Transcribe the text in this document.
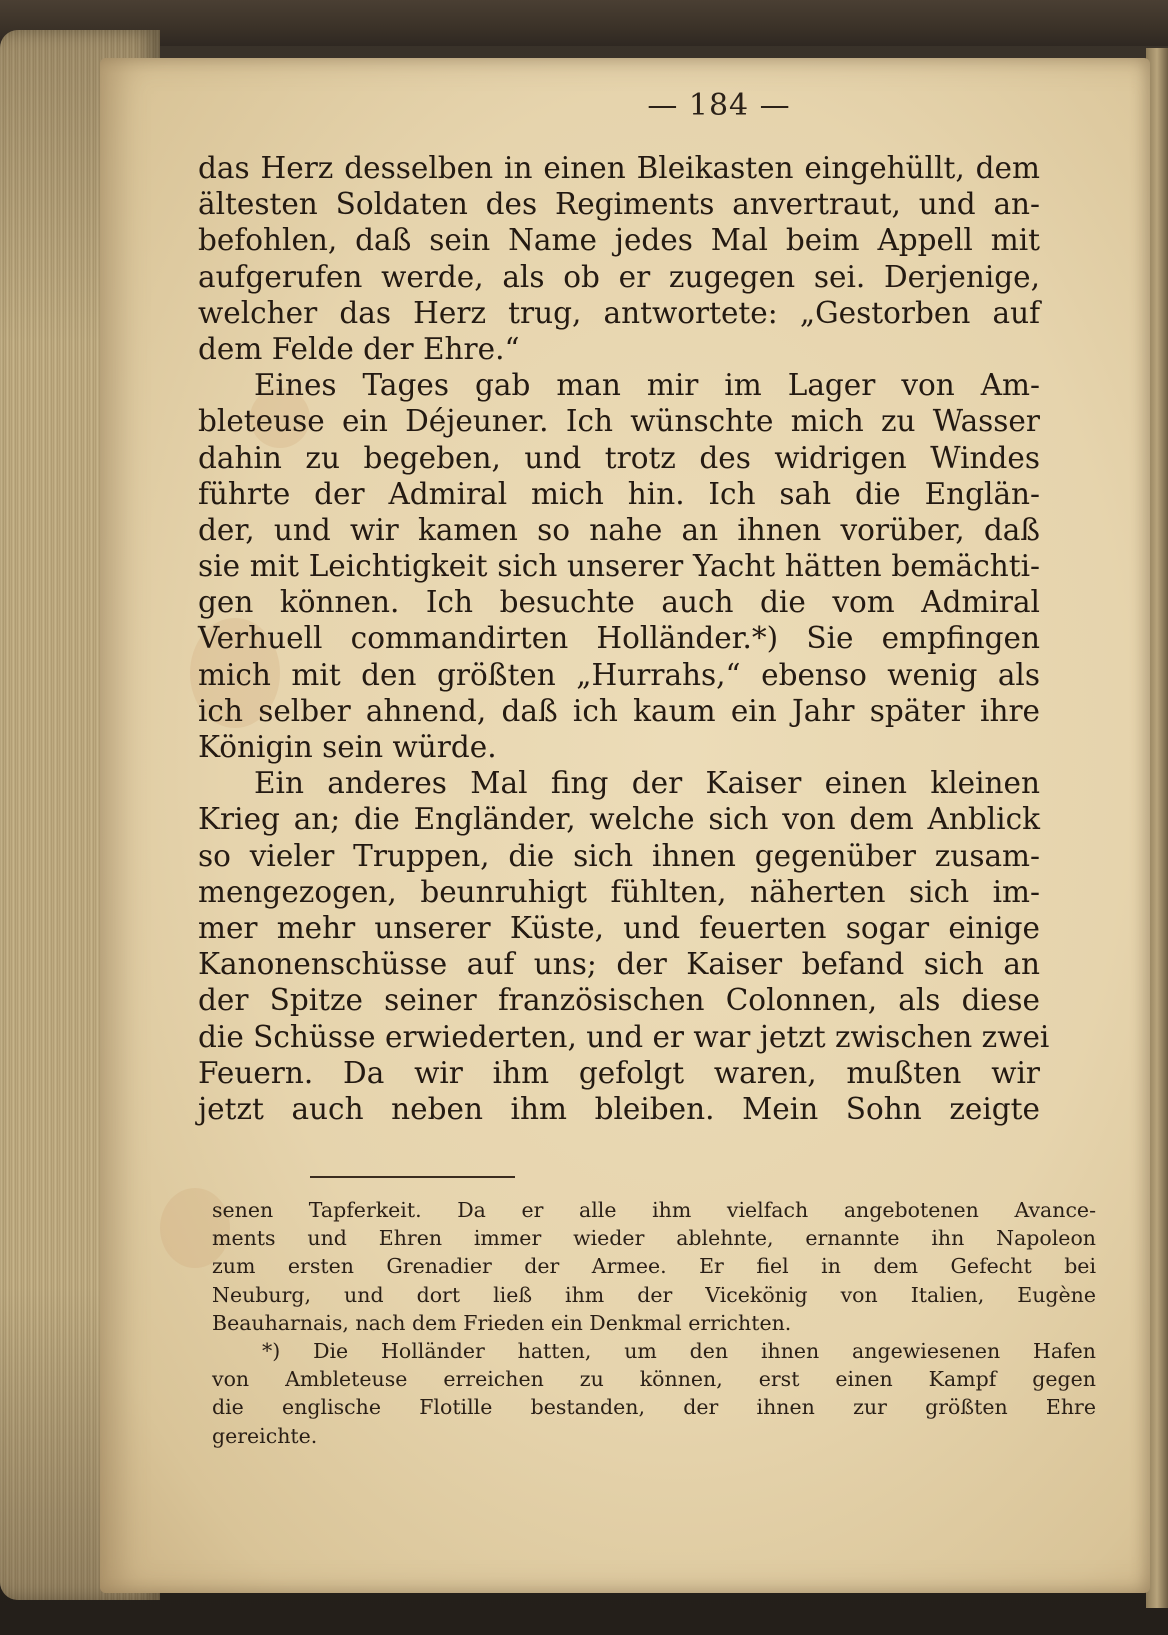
— 184 —
das Herz desselben in einen Bleikasten eingehüllt, dem
ältesten Soldaten des Regiments anvertraut, und an-
befohlen, daß sein Name jedes Mal beim Appell mit
aufgerufen werde, als ob er zugegen sei. Derjenige,
welcher das Herz trug, antwortete: „Gestorben auf
dem Felde der Ehre.“
Eines Tages gab man mir im Lager von Am-
bleteuse ein Déjeuner. Ich wünschte mich zu Wasser
dahin zu begeben, und trotz des widrigen Windes
führte der Admiral mich hin. Ich sah die Englän-
der, und wir kamen so nahe an ihnen vorüber, daß
sie mit Leichtigkeit sich unserer Yacht hätten bemächti-
gen können. Ich besuchte auch die vom Admiral
Verhuell commandirten Holländer.*) Sie empfingen
mich mit den größten „Hurrahs,“ ebenso wenig als
ich selber ahnend, daß ich kaum ein Jahr später ihre
Königin sein würde.
Ein anderes Mal fing der Kaiser einen kleinen
Krieg an; die Engländer, welche sich von dem Anblick
so vieler Truppen, die sich ihnen gegenüber zusam-
mengezogen, beunruhigt fühlten, näherten sich im-
mer mehr unserer Küste, und feuerten sogar einige
Kanonenschüsse auf uns; der Kaiser befand sich an
der Spitze seiner französischen Colonnen, als diese
die Schüsse erwiederten, und er war jetzt zwischen zwei
Feuern. Da wir ihm gefolgt waren, mußten wir
jetzt auch neben ihm bleiben. Mein Sohn zeigte
senen Tapferkeit. Da er alle ihm vielfach angebotenen Avance-
ments und Ehren immer wieder ablehnte, ernannte ihn Napoleon
zum ersten Grenadier der Armee. Er fiel in dem Gefecht bei
Neuburg, und dort ließ ihm der Vicekönig von Italien, Eugène
Beauharnais, nach dem Frieden ein Denkmal errichten.
*) Die Holländer hatten, um den ihnen angewiesenen Hafen
von Ambleteuse erreichen zu können, erst einen Kampf gegen
die englische Flotille bestanden, der ihnen zur größten Ehre
gereichte.
